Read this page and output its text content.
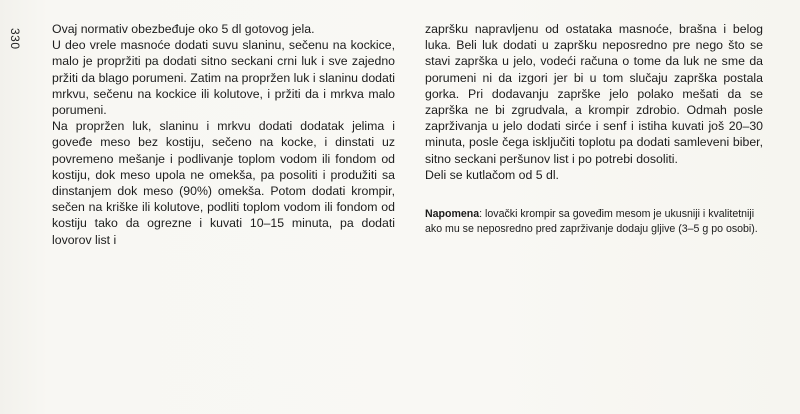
330 Ovaj normativ obezbeđuje oko 5 dl gotovog jela.

U deo vrele masnoće dodati suvu slaninu, sečenu na kockice, malo je propržiti pa dodati sitno seckani crni luk i sve zajedno pržiti da blago porumeni. Zatim na propržen luk i slaninu dodati mrkvu, sečenu na kockice ili kolutove, i pržiti da i mrkva malo porumeni.

Na propržen luk, slaninu i mrkvu dodati dodatak jelima i goveđe meso bez kostiju, sečeno na kocke, i dinstati uz povremeno mešanje i podlivanje toplom vodom ili fondom od kostiju, dok meso upola ne omekša, pa posoliti i produžiti sa dinstanjem dok meso (90%) omekša. Potom dodati krompir, sečen na kriške ili kolutove, podliti toplom vodom ili fondom od kostiju tako da ogrezne i kuvati 10–15 minuta, pa dodati lovorov list i

zapršku napravljenu od ostataka masnoće, brašna i belog luka. Beli luk dodati u zapršku neposredno pre nego što se stavi zaprška u jelo, vodeći računa o tome da luk ne sme da porumeni ni da izgori jer bi u tom slučaju zaprška postala gorka. Pri dodavanju zaprške jelo polako mešati da se zaprška ne bi zgrudvala, a krompir zdrobio. Odmah posle zaprživanja u jelo dodati sirće i senf i istiha kuvati još 20–30 minuta, posle čega isključiti toplotu pa dodati samleveni biber, sitno seckani peršunov list i po potrebi dosoliti.

Deli se kutlačom od 5 dl.

Napomena: lovački krompir sa goveđim mesom je ukusniji i kvalitetniji ako mu se neposredno pred zaprživanje dodaju gljive (3–5 g po osobi).
